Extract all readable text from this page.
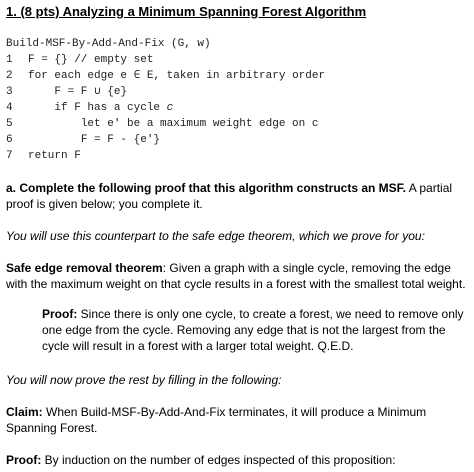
1. (8 pts) Analyzing a Minimum Spanning Forest Algorithm
Build-MSF-By-Add-And-Fix (G, w)
1 F = {} // empty set
2 for each edge e ∈ E, taken in arbitrary order
3	F = F ∪ {e}
4	if F has a cycle c
5	let e' be a maximum weight edge on c
6	F = F - {e'}
7 return F

a. Complete the following proof that this algorithm constructs an MSF. A partial proof is given below; you complete it.

You will use this counterpart to the safe edge theorem, which we prove for you:

Safe edge removal theorem: Given a graph with a single cycle, removing the edge with the maximum weight on that cycle results in a forest with the smallest total weight.

Proof: Since there is only one cycle, to create a forest, we need to remove only one edge from the cycle. Removing any edge that is not the largest from the cycle will result in a forest with a larger total weight. Q.E.D.

You will now prove the rest by filling in the following:

Claim: When Build-MSF-By-Add-And-Fix terminates, it will produce a Minimum Spanning Forest.

Proof: By induction on the number of edges inspected of this proposition:
